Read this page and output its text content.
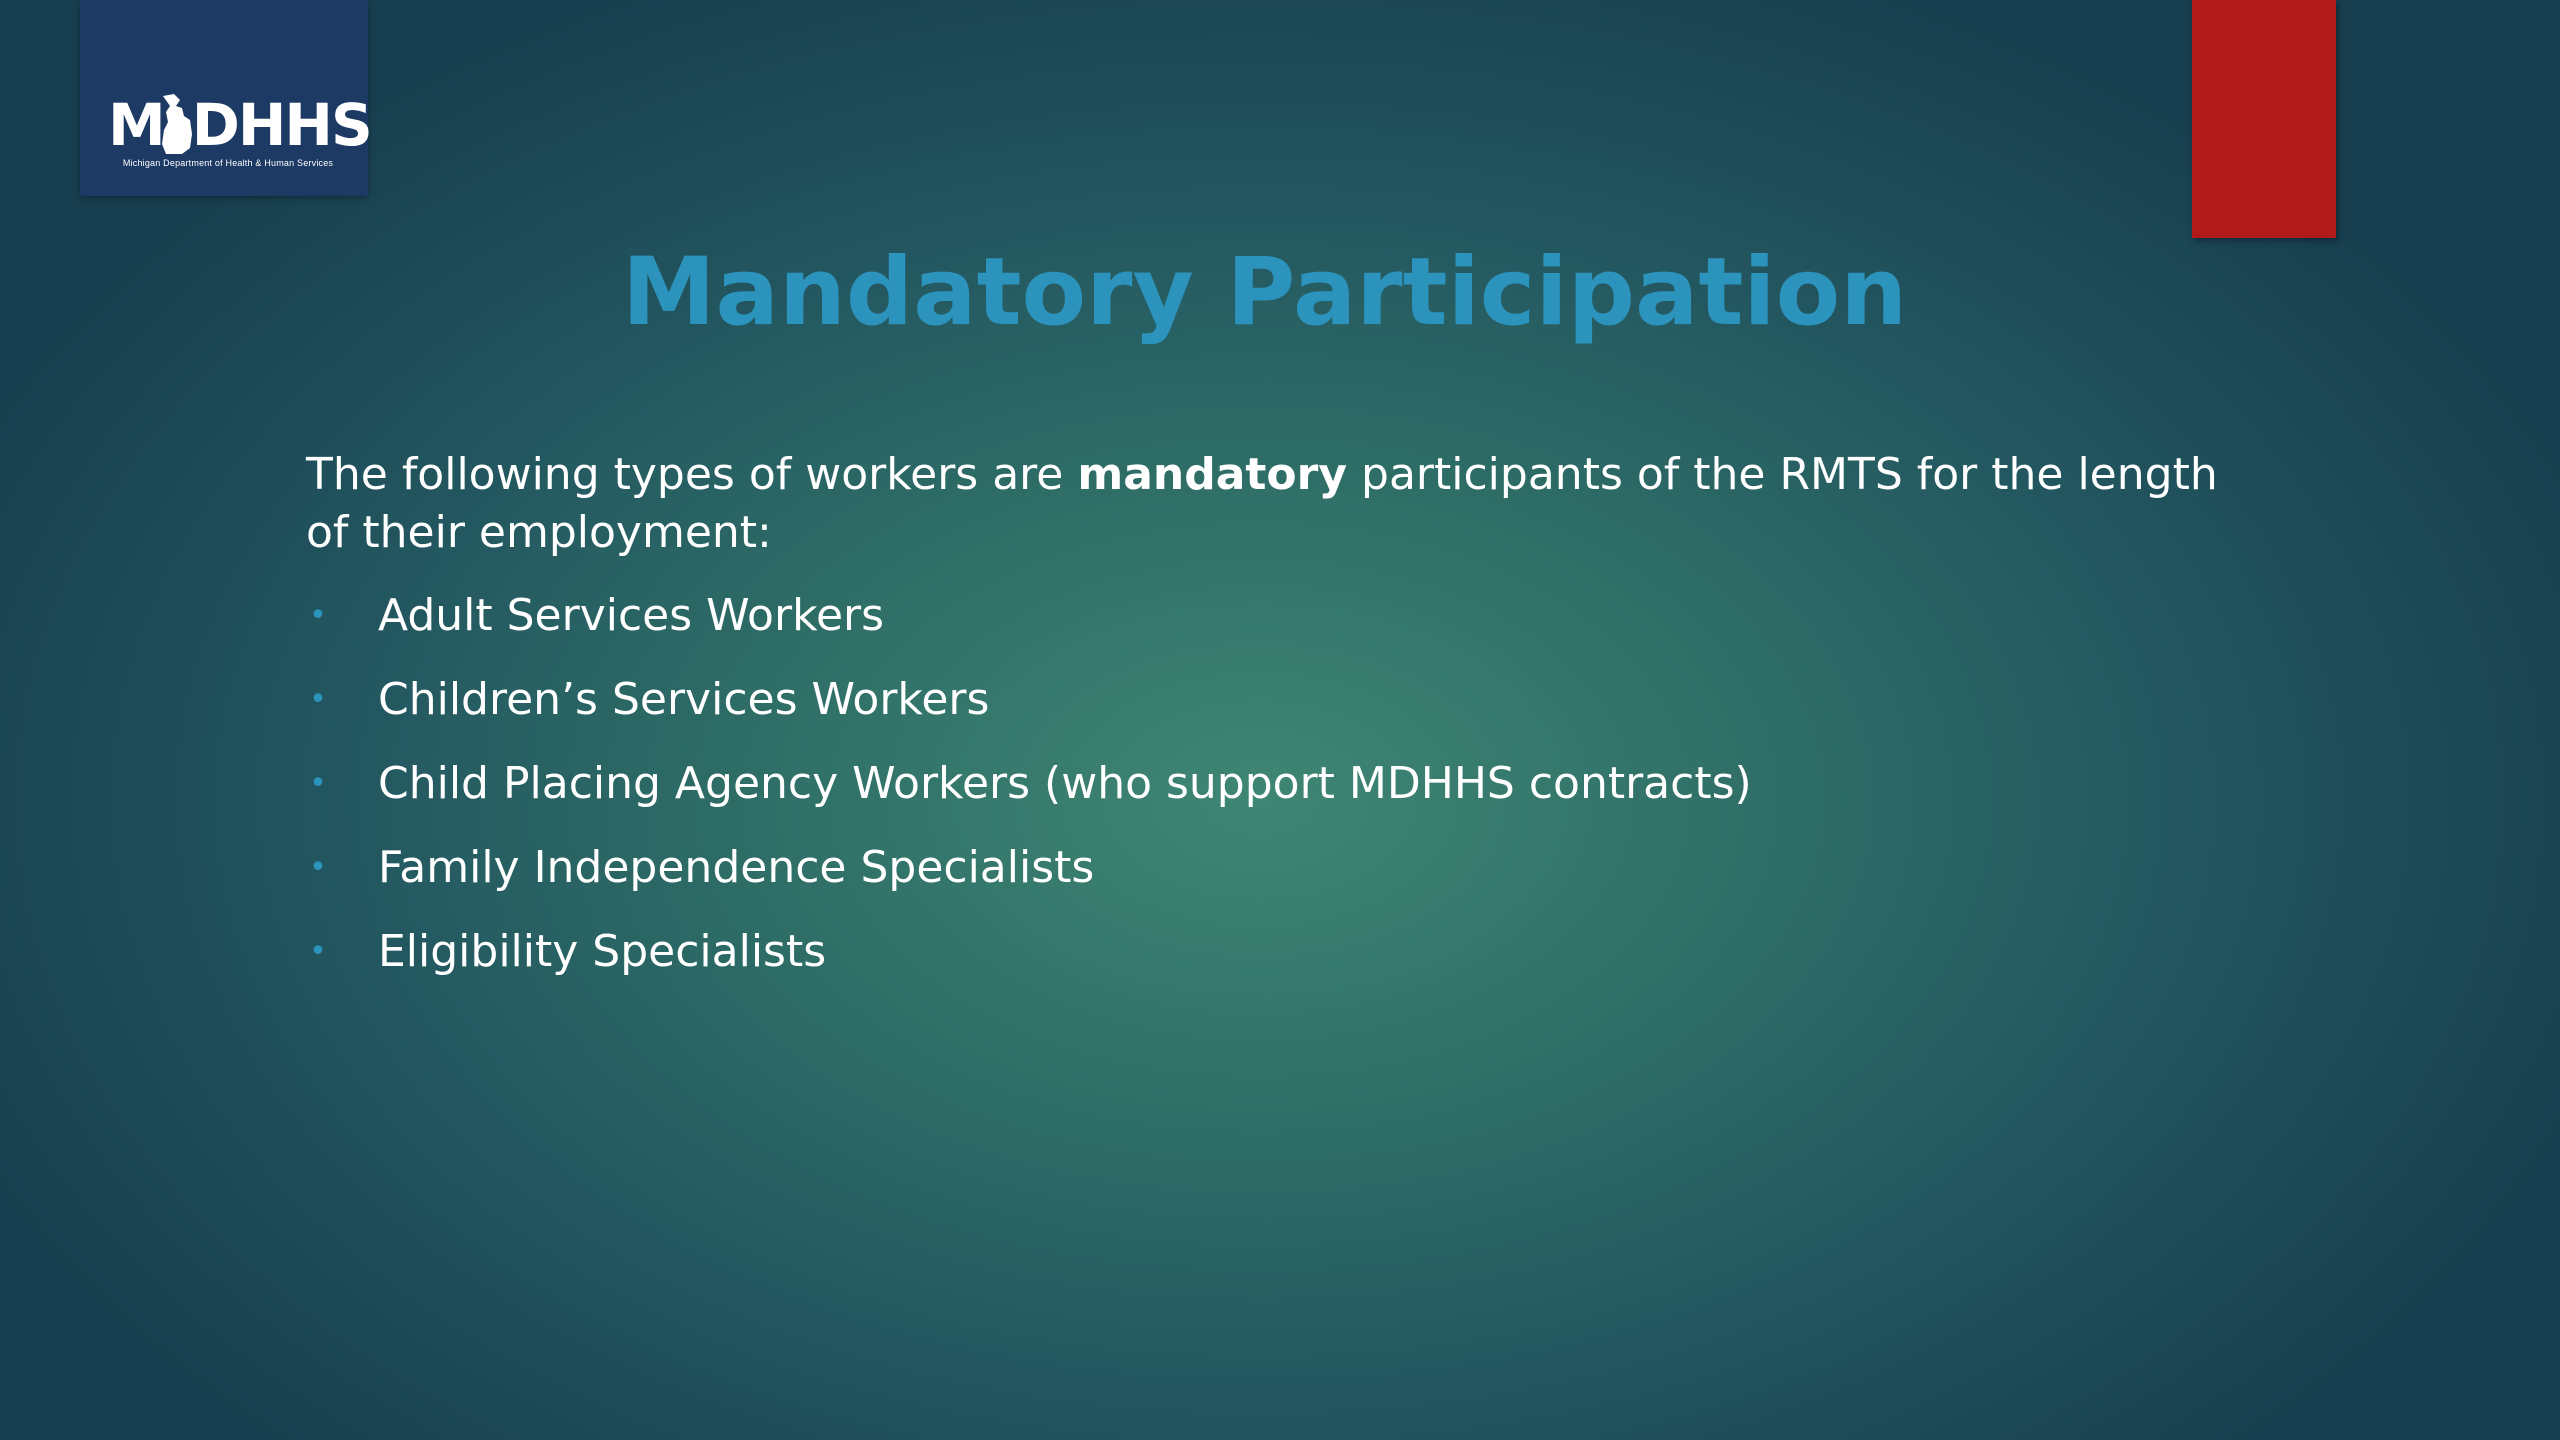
M DHHS
Michigan Department of Health & Human Services
Mandatory Participation

The following types of workers are mandatory participants of the RMTS for the length of their employment:

• Adult Services Workers
• Children’s Services Workers
• Child Placing Agency Workers (who support MDHHS contracts)
• Family Independence Specialists
• Eligibility Specialists
